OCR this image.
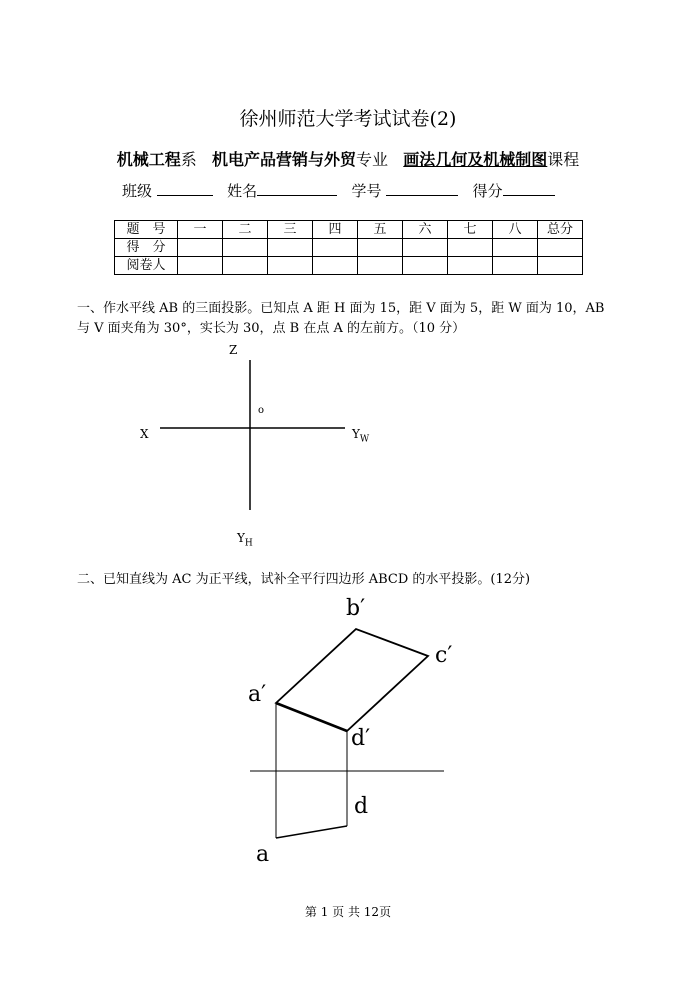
徐州师范大学考试试卷(2)
机械工程系 机电产品营销与外贸专业 画法几何及机械制图课程
班级	姓名	学号	得分
题　号	一	二	三	四	五	六	七	八	总分
得　分									
阅卷人									
一、作水平线 AB 的三面投影。已知点 A 距 H 面为 15，距 V 面为 5，距 W 面为 10，AB
与 V 面夹角为 30°，实长为 30，点 B 在点 A 的左前方。（10 分）
Z
X
o
$Y_W$
$Y_H$
二、已知直线为 AC 为正平线，试补全平行四边形 ABCD 的水平投影。(12分)
b′
c′
a′
d′
d
a
第 1 页 共 12页
